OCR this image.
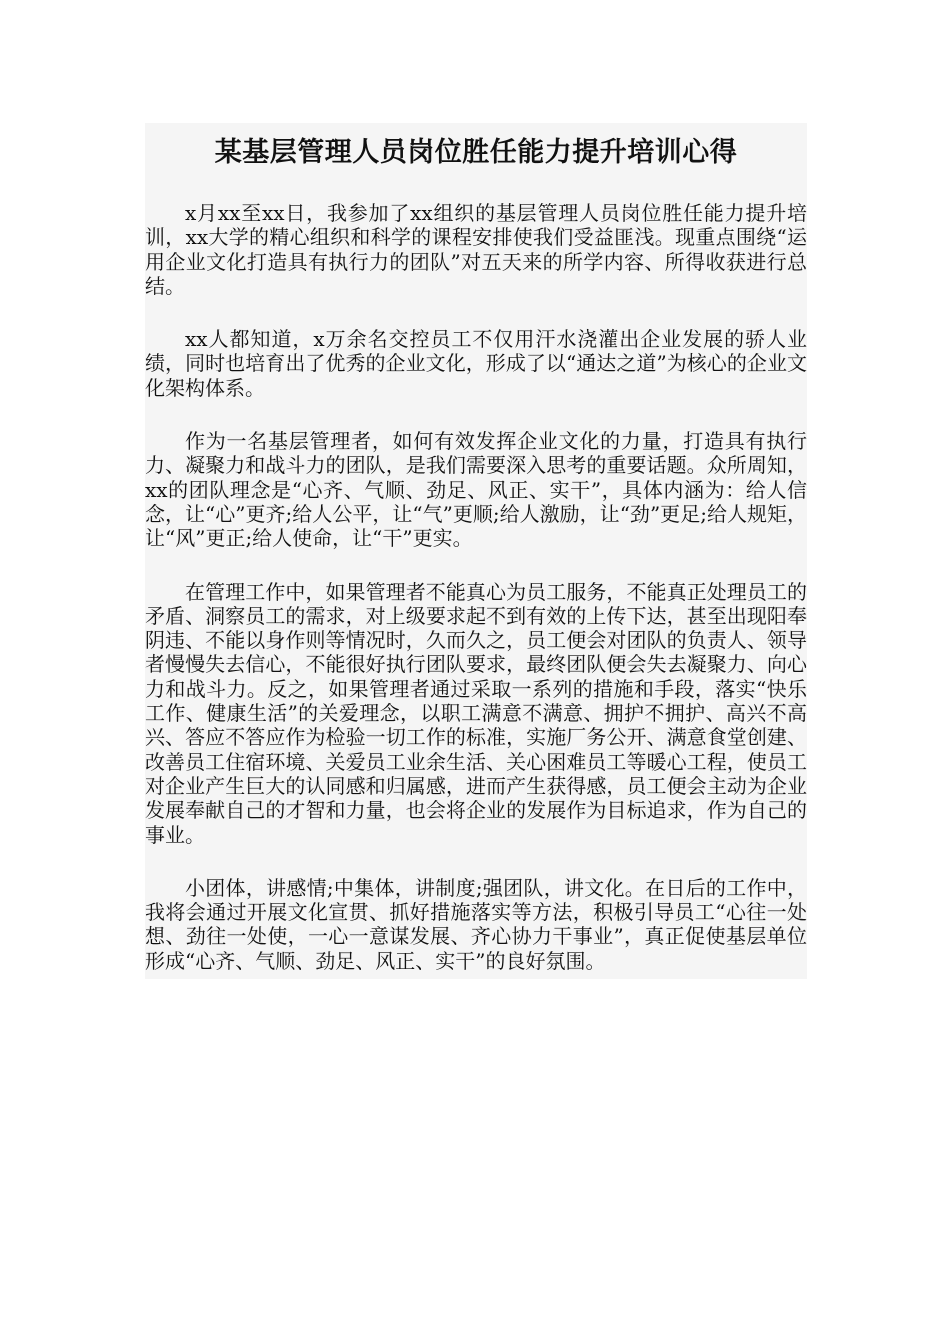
某基层管理人员岗位胜任能力提升培训心得

x月xx至xx日，我参加了xx组织的基层管理人员岗位胜任能力提升培训，xx大学的精心组织和科学的课程安排使我们受益匪浅。现重点围绕“运用企业文化打造具有执行力的团队”对五天来的所学内容、所得收获进行总结。

xx人都知道，x万余名交控员工不仅用汗水浇灌出企业发展的骄人业绩，同时也培育出了优秀的企业文化，形成了以“通达之道”为核心的企业文化架构体系。

作为一名基层管理者，如何有效发挥企业文化的力量，打造具有执行力、凝聚力和战斗力的团队，是我们需要深入思考的重要话题。众所周知，xx的团队理念是“心齐、气顺、劲足、风正、实干”，具体内涵为：给人信念，让“心”更齐;给人公平，让“气”更顺;给人激励，让“劲”更足;给人规矩，让“风”更正;给人使命，让“干”更实。

在管理工作中，如果管理者不能真心为员工服务，不能真正处理员工的矛盾、洞察员工的需求，对上级要求起不到有效的上传下达，甚至出现阳奉阴违、不能以身作则等情况时，久而久之，员工便会对团队的负责人、领导者慢慢失去信心，不能很好执行团队要求，最终团队便会失去凝聚力、向心力和战斗力。反之，如果管理者通过采取一系列的措施和手段，落实“快乐工作、健康生活”的关爱理念，以职工满意不满意、拥护不拥护、高兴不高兴、答应不答应作为检验一切工作的标准，实施厂务公开、满意食堂创建、改善员工住宿环境、关爱员工业余生活、关心困难员工等暖心工程，使员工对企业产生巨大的认同感和归属感，进而产生获得感，员工便会主动为企业发展奉献自己的才智和力量，也会将企业的发展作为目标追求，作为自己的事业。

小团体，讲感情;中集体，讲制度;强团队，讲文化。在日后的工作中，我将会通过开展文化宣贯、抓好措施落实等方法，积极引导员工“心往一处想、劲往一处使，一心一意谋发展、齐心协力干事业”，真正促使基层单位形成“心齐、气顺、劲足、风正、实干”的良好氛围。
